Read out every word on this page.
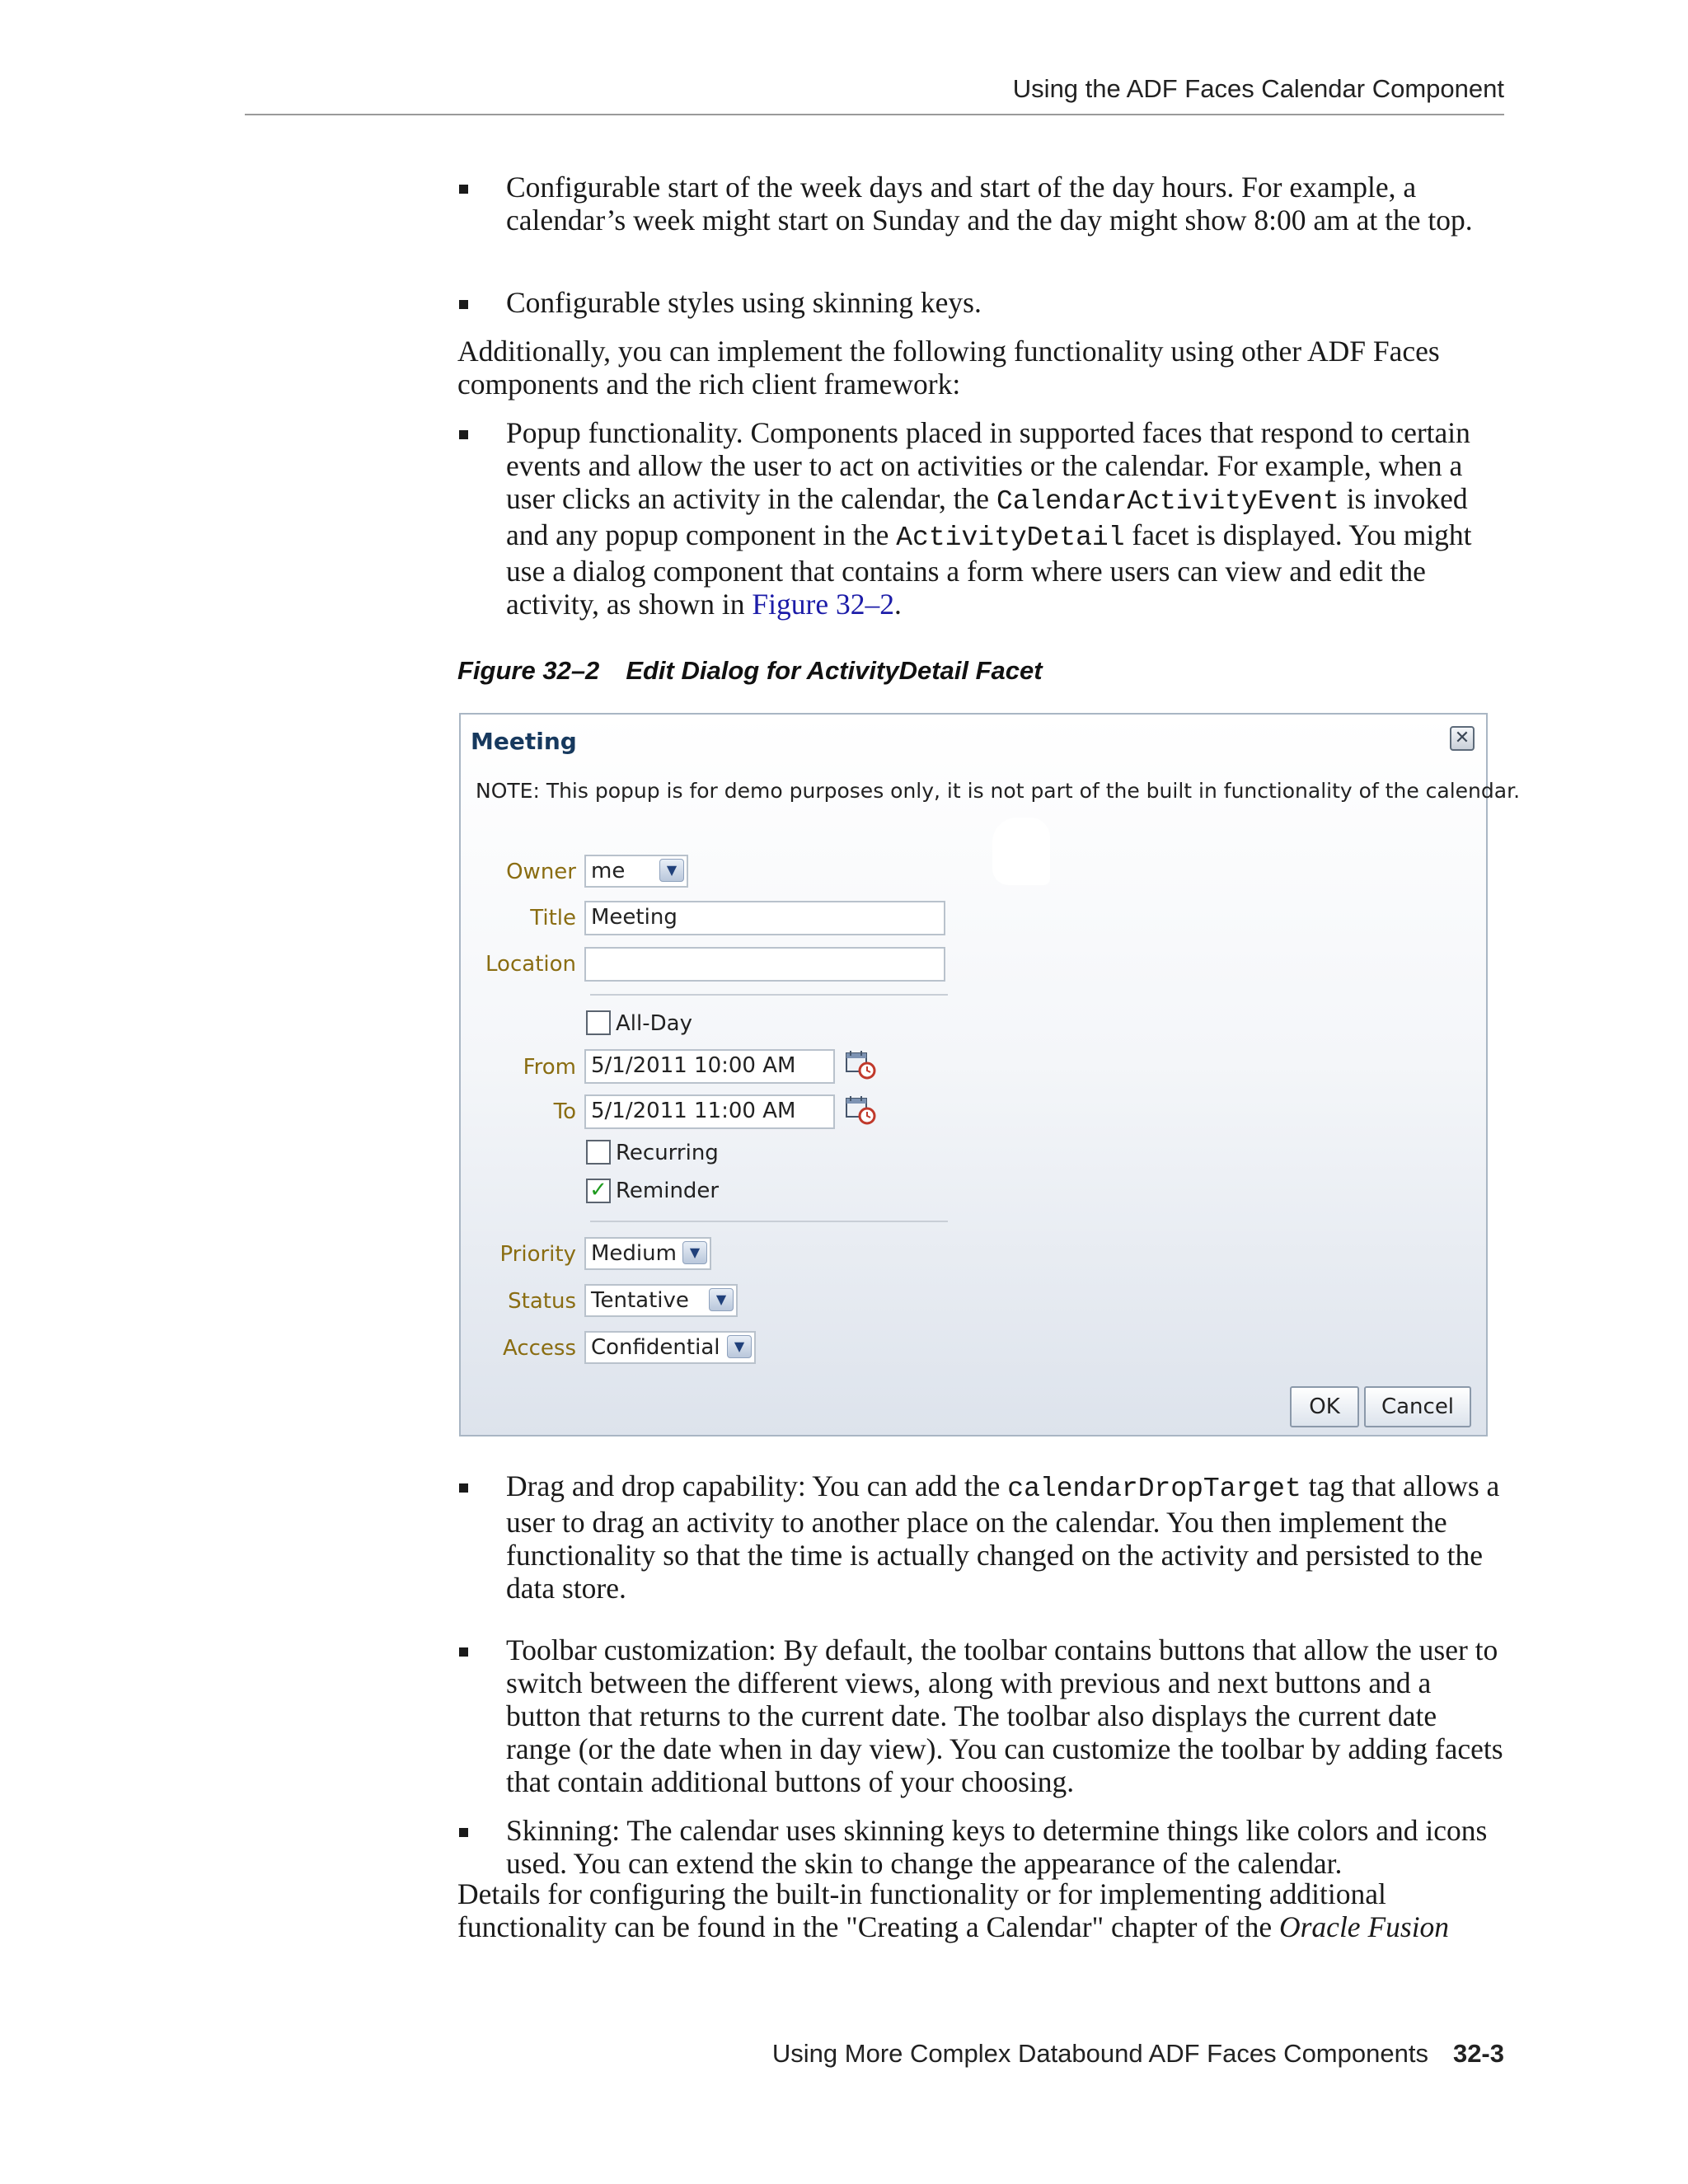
Using the ADF Faces Calendar Component
Configurable start of the week days and start of the day hours. For example, a calendar’s week might start on Sunday and the day might show 8:00 am at the top.
Configurable styles using skinning keys.
Additionally, you can implement the following functionality using other ADF Faces components and the rich client framework:
Popup functionality. Components placed in supported faces that respond to certain events and allow the user to act on activities or the calendar. For example, when a user clicks an activity in the calendar, the CalendarActivityEvent is invoked and any popup component in the ActivityDetail facet is displayed. You might use a dialog component that contains a form where users can view and edit the activity, as shown in Figure 32–2.
Figure 32–2 Edit Dialog for ActivityDetail Facet
Meeting	✕
NOTE: This popup is for demo purposes only, it is not part of the built in functionality of the calendar.
Owner me	▼
Title Meeting
Location
All-Day
From 5/1/2011 10:00 AM
To 5/1/2011 11:00 AM
Recurring
✓ Reminder
Priority Medium ▼
Status Tentative	▼
Access Confidential	▼
OK	Cancel
Drag and drop capability: You can add the calendarDropTarget tag that allows a user to drag an activity to another place on the calendar. You then implement the functionality so that the time is actually changed on the activity and persisted to the data store.
Toolbar customization: By default, the toolbar contains buttons that allow the user to switch between the different views, along with previous and next buttons and a button that returns to the current date. The toolbar also displays the current date range (or the date when in day view). You can customize the toolbar by adding facets that contain additional buttons of your choosing.
Skinning: The calendar uses skinning keys to determine things like colors and icons used. You can extend the skin to change the appearance of the calendar.
Details for configuring the built-in functionality or for implementing additional functionality can be found in the "Creating a Calendar" chapter of the Oracle Fusion
Using More Complex Databound ADF Faces Components 32-3
